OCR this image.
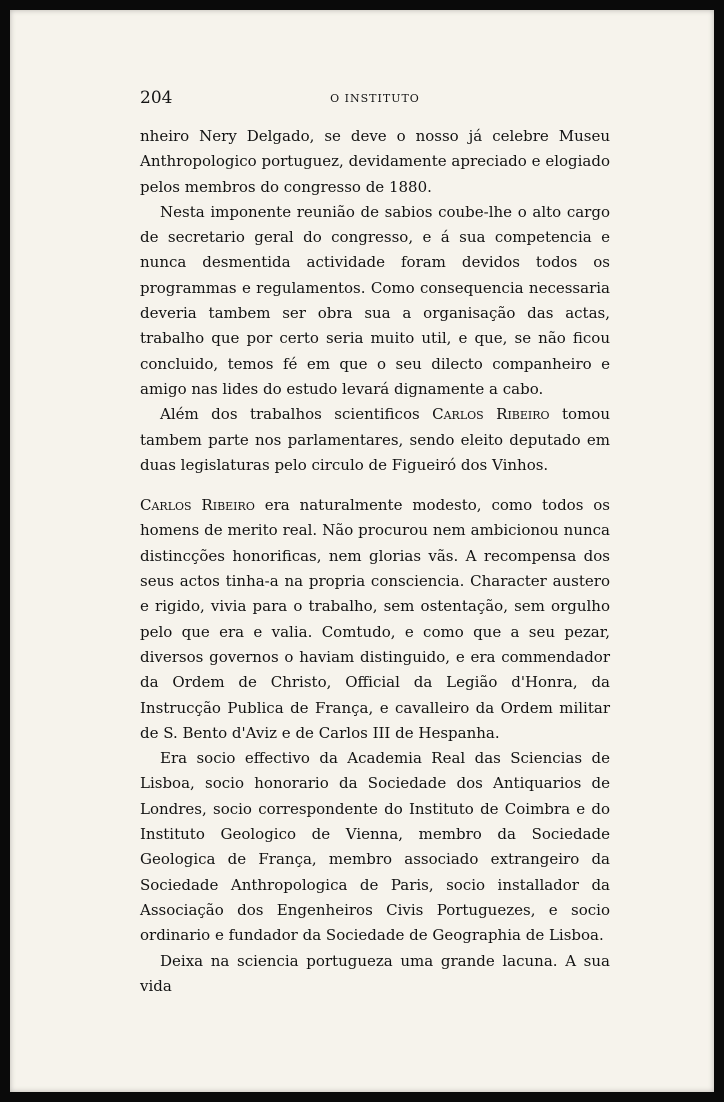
204	O INSTITUTO

nheiro Nery Delgado, se deve o nosso já celebre Museu Anthropologico portuguez, devidamente apreciado e elogiado pelos membros do congresso de 1880.

Nesta imponente reunião de sabios coube-lhe o alto cargo de secretario geral do congresso, e á sua competencia e nunca desmentida actividade foram devidos todos os programmas e regulamentos. Como consequencia necessaria deveria tambem ser obra sua a organisação das actas, trabalho que por certo seria muito util, e que, se não ficou concluido, temos fé em que o seu dilecto companheiro e amigo nas lides do estudo levará dignamente a cabo.

Além dos trabalhos scientificos Carlos Ribeiro tomou tambem parte nos parlamentares, sendo eleito deputado em duas legislaturas pelo circulo de Figueiró dos Vinhos.

Carlos Ribeiro era naturalmente modesto, como todos os homens de merito real. Não procurou nem ambicionou nunca distincções honorificas, nem glorias vãs. A recompensa dos seus actos tinha-a na propria consciencia. Character austero e rigido, vivia para o trabalho, sem ostentação, sem orgulho pelo que era e valia. Comtudo, e como que a seu pezar, diversos governos o haviam distinguido, e era commendador da Ordem de Christo, Official da Legião d'Honra, da Instrucção Publica de França, e cavalleiro da Ordem militar de S. Bento d'Aviz e de Carlos III de Hespanha.

Era socio effectivo da Academia Real das Sciencias de Lisboa, socio honorario da Sociedade dos Antiquarios de Londres, socio correspondente do Instituto de Coimbra e do Instituto Geologico de Vienna, membro da Sociedade Geologica de França, membro associado extrangeiro da Sociedade Anthropologica de Paris, socio installador da Associação dos Engenheiros Civis Portuguezes, e socio ordinario e fundador da Sociedade de Geographia de Lisboa.

Deixa na sciencia portugueza uma grande lacuna. A sua vida
